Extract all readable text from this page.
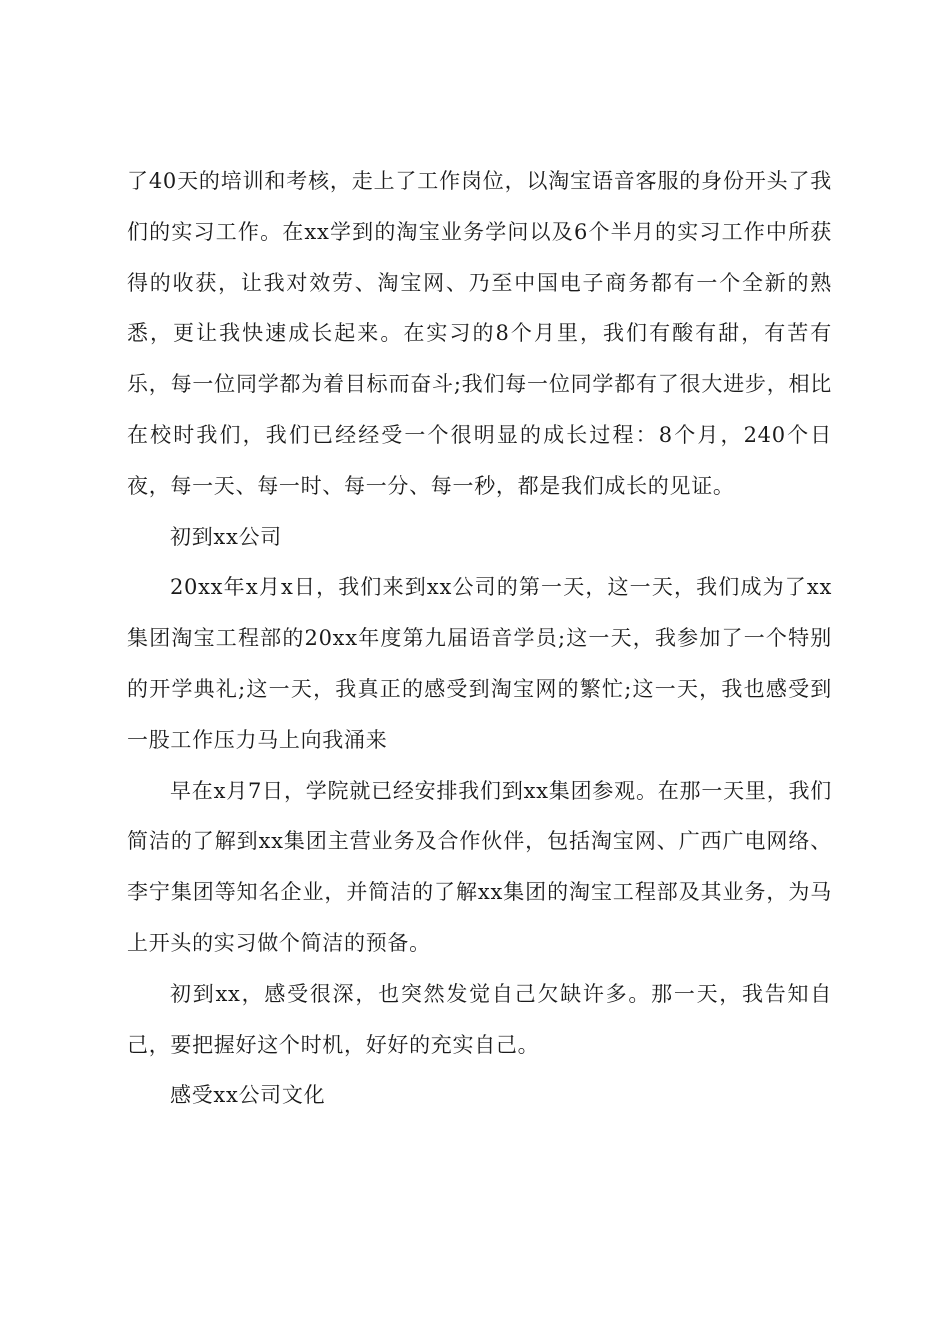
了40天的培训和考核，走上了工作岗位，以淘宝语音客服的身份开头了我们的实习工作。在xx学到的淘宝业务学问以及6个半月的实习工作中所获得的收获，让我对效劳、淘宝网、乃至中国电子商务都有一个全新的熟悉，更让我快速成长起来。在实习的8个月里，我们有酸有甜，有苦有乐，每一位同学都为着目标而奋斗;我们每一位同学都有了很大进步，相比在校时我们，我们已经经受一个很明显的成长过程：8个月，240个日夜，每一天、每一时、每一分、每一秒，都是我们成长的见证。

初到xx公司

20xx年x月x日，我们来到xx公司的第一天，这一天，我们成为了xx集团淘宝工程部的20xx年度第九届语音学员;这一天，我参加了一个特别的开学典礼;这一天，我真正的感受到淘宝网的繁忙;这一天，我也感受到一股工作压力马上向我涌来

早在x月7日，学院就已经安排我们到xx集团参观。在那一天里，我们简洁的了解到xx集团主营业务及合作伙伴，包括淘宝网、广西广电网络、李宁集团等知名企业，并简洁的了解xx集团的淘宝工程部及其业务，为马上开头的实习做个简洁的预备。

初到xx，感受很深，也突然发觉自己欠缺许多。那一天，我告知自己，要把握好这个时机，好好的充实自己。

感受xx公司文化
